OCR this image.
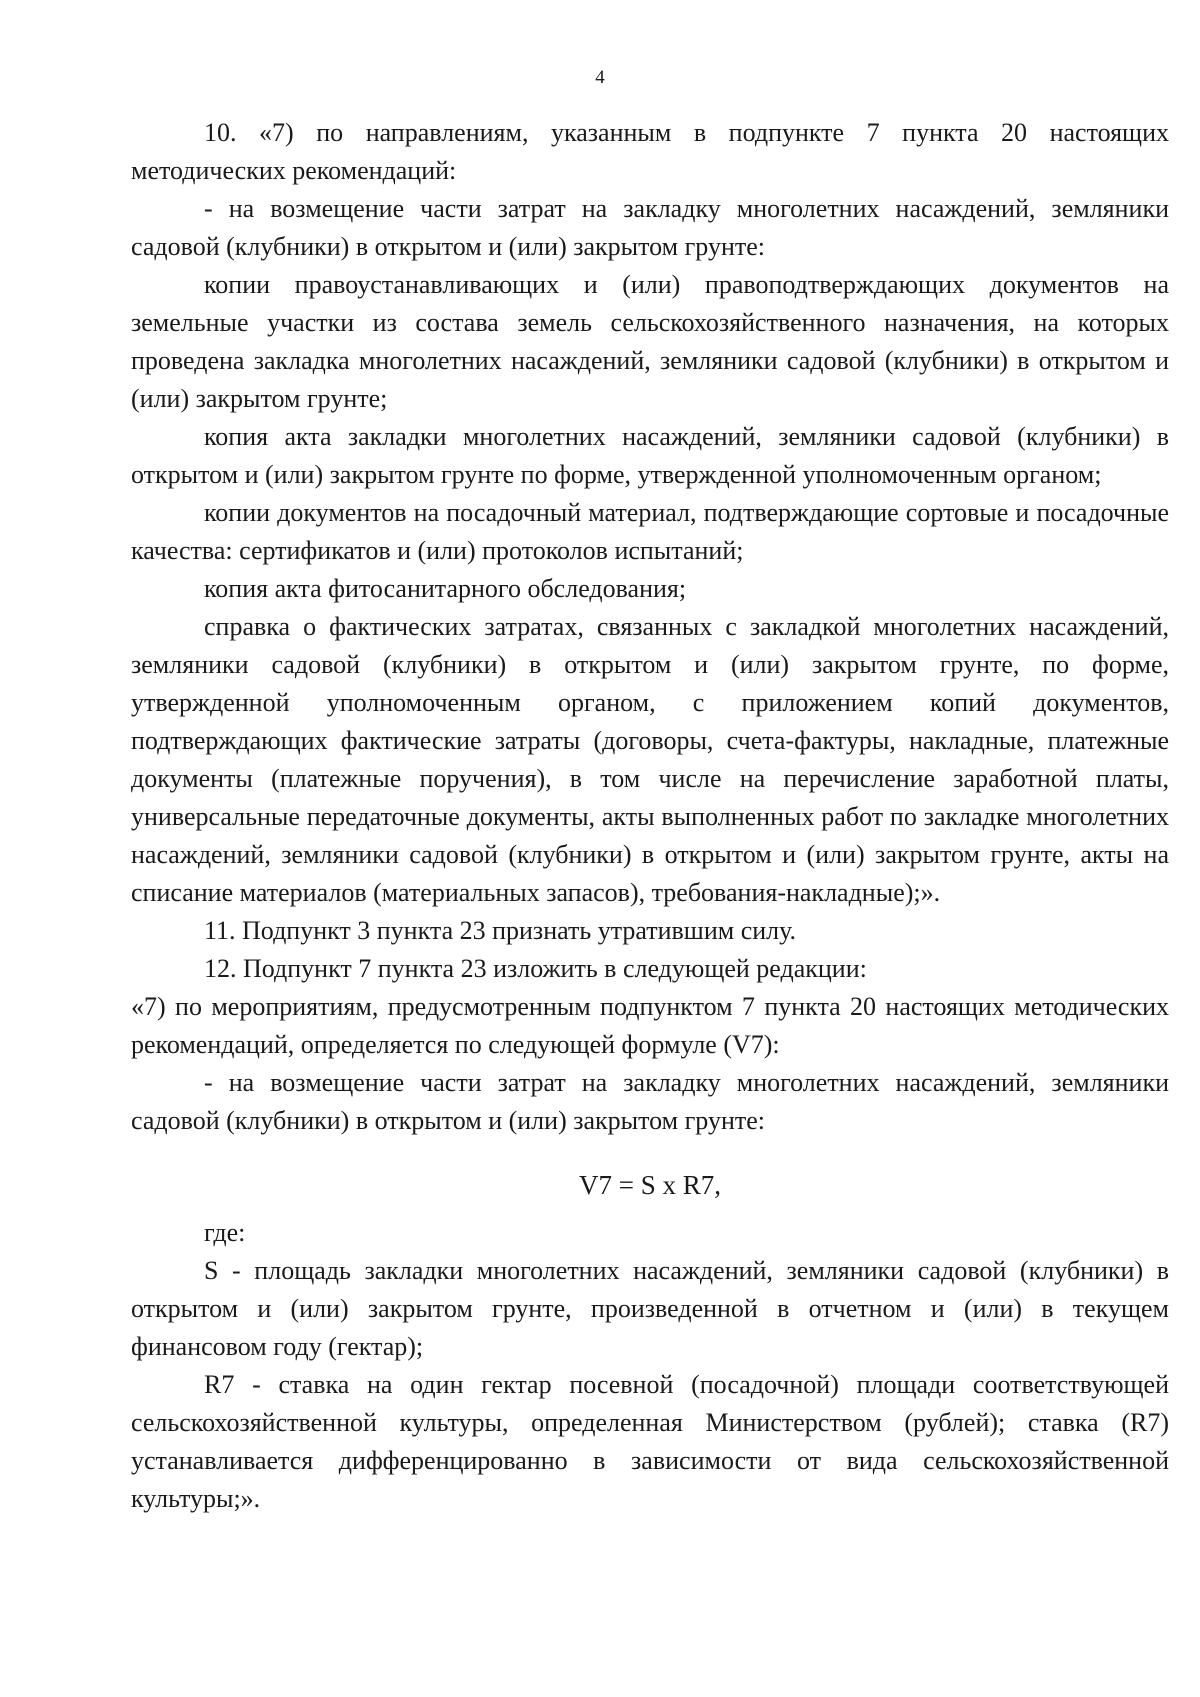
4

10. «7) по направлениям, указанным в подпункте 7 пункта 20 настоящих методических рекомендаций:

- на возмещение части затрат на закладку многолетних насаждений, земляники садовой (клубники) в открытом и (или) закрытом грунте:

копии правоустанавливающих и (или) правоподтверждающих документов на земельные участки из состава земель сельскохозяйственного назначения, на которых проведена закладка многолетних насаждений, земляники садовой (клубники) в открытом и (или) закрытом грунте;

копия акта закладки многолетних насаждений, земляники садовой (клубники) в открытом и (или) закрытом грунте по форме, утвержденной уполномоченным органом;

копии документов на посадочный материал, подтверждающие сортовые и посадочные качества: сертификатов и (или) протоколов испытаний;

копия акта фитосанитарного обследования;

справка о фактических затратах, связанных с закладкой многолетних насаждений, земляники садовой (клубники) в открытом и (или) закрытом грунте, по форме, утвержденной уполномоченным органом, с приложением копий документов, подтверждающих фактические затраты (договоры, счета-фактуры, накладные, платежные документы (платежные поручения), в том числе на перечисление заработной платы, универсальные передаточные документы, акты выполненных работ по закладке многолетних насаждений, земляники садовой (клубники) в открытом и (или) закрытом грунте, акты на списание материалов (материальных запасов), требования-накладные);».

11. Подпункт 3 пункта 23 признать утратившим силу.

12. Подпункт 7 пункта 23 изложить в следующей редакции:

«7) по мероприятиям, предусмотренным подпунктом 7 пункта 20 настоящих методических рекомендаций, определяется по следующей формуле (V7):

- на возмещение части затрат на закладку многолетних насаждений, земляники садовой (клубники) в открытом и (или) закрытом грунте:

V7 = S х R7,

где:

S - площадь закладки многолетних насаждений, земляники садовой (клубники) в открытом и (или) закрытом грунте, произведенной в отчетном и (или) в текущем финансовом году (гектар);

R7 - ставка на один гектар посевной (посадочной) площади соответствующей сельскохозяйственной культуры, определенная Министерством (рублей); ставка (R7) устанавливается дифференцированно в зависимости от вида сельскохозяйственной культуры;».
